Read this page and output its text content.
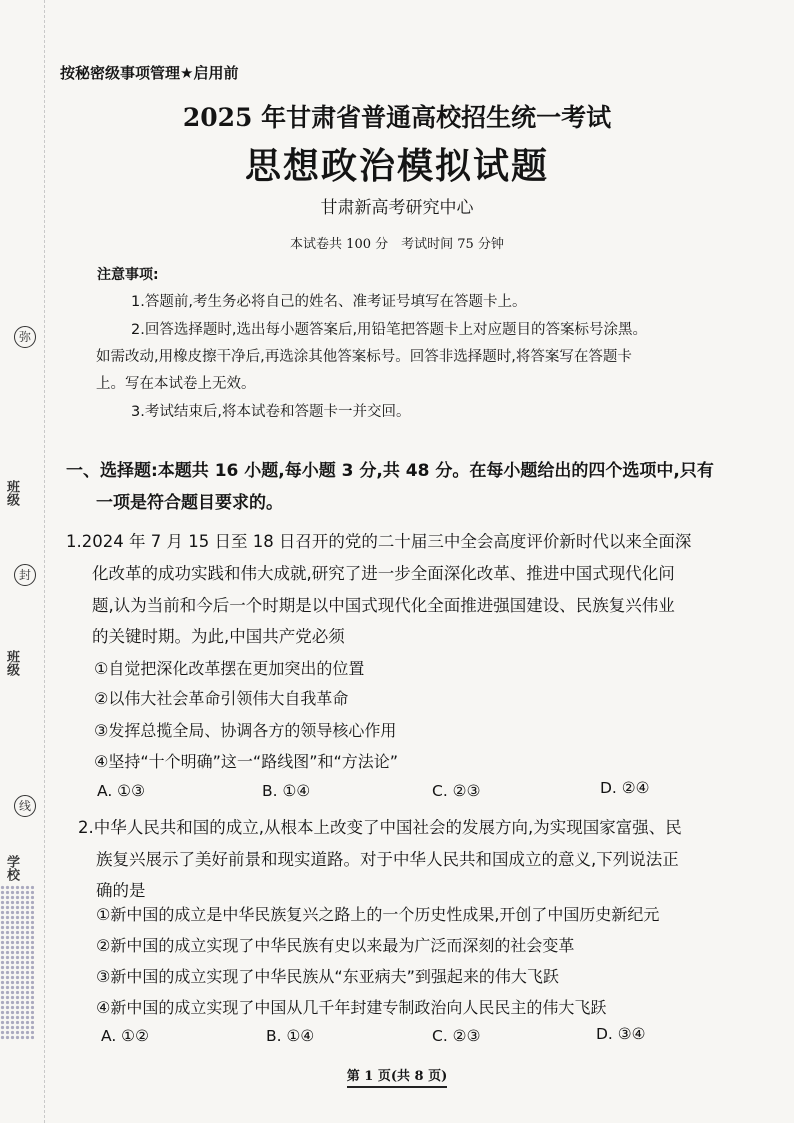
班级
班级
学校
弥
封
线
按秘密级事项管理★启用前
2025 年甘肃省普通高校招生统一考试
思想政治模拟试题
甘肃新高考研究中心
本试卷共 100 分　考试时间 75 分钟
注意事项:
1.答题前,考生务必将自己的姓名、准考证号填写在答题卡上。
2.回答选择题时,选出每小题答案后,用铅笔把答题卡上对应题目的答案标号涂黑。
如需改动,用橡皮擦干净后,再选涂其他答案标号。回答非选择题时,将答案写在答题卡
上。写在本试卷上无效。
3.考试结束后,将本试卷和答题卡一并交回。
一、选择题:本题共 16 小题,每小题 3 分,共 48 分。在每小题给出的四个选项中,只有
一项是符合题目要求的。
1.2024 年 7 月 15 日至 18 日召开的党的二十届三中全会高度评价新时代以来全面深
化改革的成功实践和伟大成就,研究了进一步全面深化改革、推进中国式现代化问
题,认为当前和今后一个时期是以中国式现代化全面推进强国建设、民族复兴伟业
的关键时期。为此,中国共产党必须
①自觉把深化改革摆在更加突出的位置
②以伟大社会革命引领伟大自我革命
③发挥总揽全局、协调各方的领导核心作用
④坚持“十个明确”这一“路线图”和“方法论”
A. ①③	B. ①④	C. ②③	D. ②④
2.中华人民共和国的成立,从根本上改变了中国社会的发展方向,为实现国家富强、民
族复兴展示了美好前景和现实道路。对于中华人民共和国成立的意义,下列说法正
确的是
①新中国的成立是中华民族复兴之路上的一个历史性成果,开创了中国历史新纪元
②新中国的成立实现了中华民族有史以来最为广泛而深刻的社会变革
③新中国的成立实现了中华民族从“东亚病夫”到强起来的伟大飞跃
④新中国的成立实现了中国从几千年封建专制政治向人民民主的伟大飞跃
A. ①②	B. ①④	C. ②③	D. ③④
第 1 页(共 8 页)
